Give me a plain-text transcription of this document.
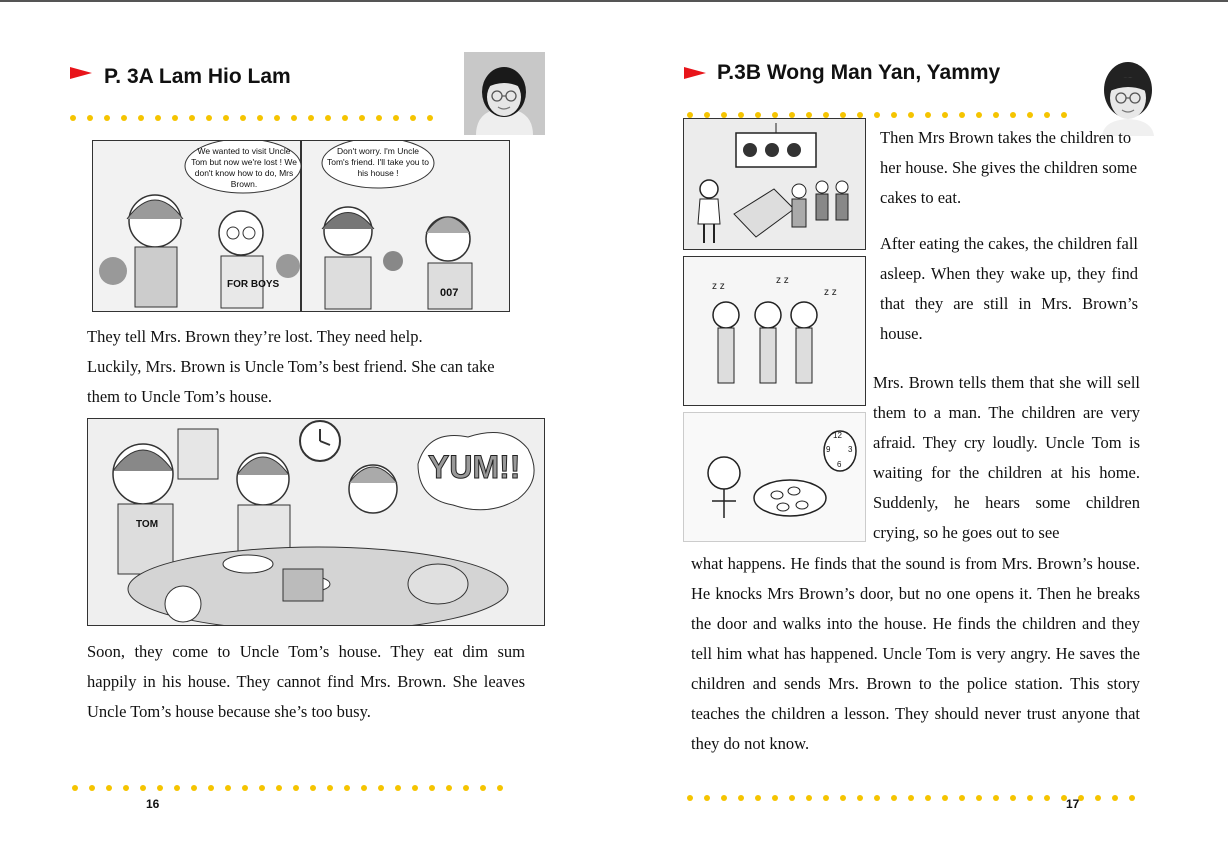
P. 3A Lam Hio Lam
We wanted to visit Uncle Tom but now we're lost ! We don't know how to do, Mrs Brown.
Don't worry. I'm Uncle Tom's friend. I'll take you to his house !
FOR BOYS
007

They tell Mrs. Brown they’re lost. They need help.

Luckily, Mrs. Brown is Uncle Tom’s best friend. She can take

them to Uncle Tom’s house.

TOM
YUM!!
Soon, they come to Uncle Tom’s house. They eat dim sum happily in his house. They cannot find Mrs. Brown. She leaves Uncle Tom’s house because she’s too busy.
16
P.3B Wong Man Yan, Yammy
Then Mrs Brown takes the children to her house. She gives the children some cakes to eat.
z z
z z
z z
After eating the cakes, the children fall asleep. When they wake up, they find that they are still in Mrs. Brown’s house.
12
9 3
6
Mrs. Brown tells them that she will sell them to a man. The children are very afraid. They cry loudly. Uncle Tom is waiting for the children at his home. Suddenly, he hears some children crying, so he goes out to see
what happens. He finds that the sound is from Mrs. Brown’s house. He knocks Mrs Brown’s door, but no one opens it. Then he breaks the door and walks into the house. He finds the children and they tell him what has happened. Uncle Tom is very angry. He saves the children and sends Mrs. Brown to the police station. This story teaches the children a lesson. They should never trust anyone that they do not know.
17
